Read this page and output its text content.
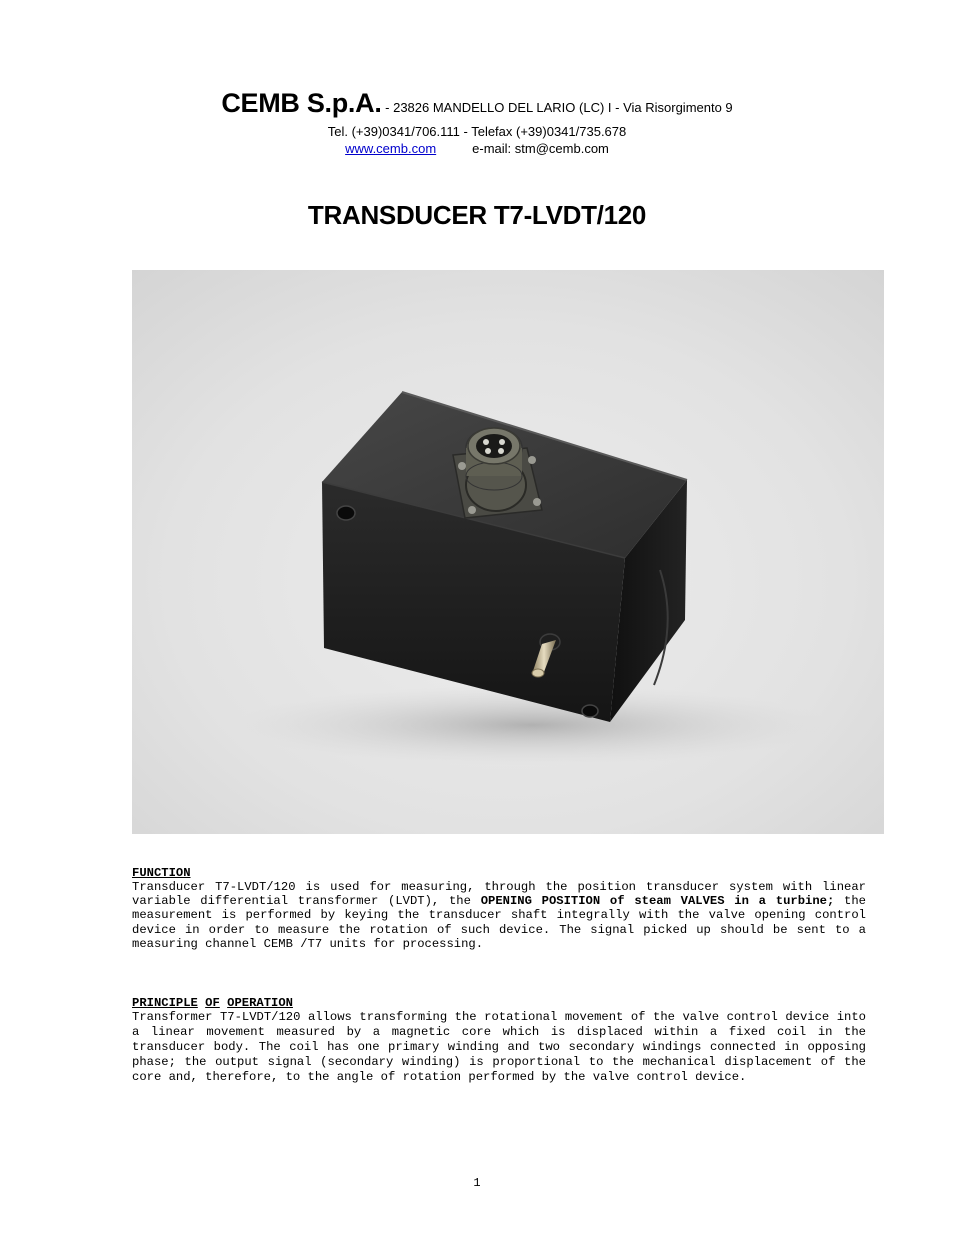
CEMB S.p.A. - 23826 MANDELLO DEL LARIO (LC) I - Via Risorgimento 9
Tel. (+39)0341/706.111 - Telefax (+39)0341/735.678
www.cemb.com	e-mail: stm@cemb.com
TRANSDUCER T7-LVDT/120
FUNCTION

Transducer T7-LVDT/120 is used for measuring, through the position transducer system with linear variable differential transformer (LVDT), the OPENING POSITION of steam VALVES in a turbine; the measurement is performed by keying the transducer shaft integrally with the valve opening control device in order to measure the rotation of such device. The signal picked up should be sent to a measuring channel CEMB /T7 units for processing.

PRINCIPLE OF OPERATION

Transformer T7-LVDT/120 allows transforming the rotational movement of the valve control device into a linear movement measured by a magnetic core which is displaced within a fixed coil in the transducer body. The coil has one primary winding and two secondary windings connected in opposing phase; the output signal (secondary winding) is proportional to the mechanical displacement of the core and, therefore, to the angle of rotation performed by the valve control device.

1
